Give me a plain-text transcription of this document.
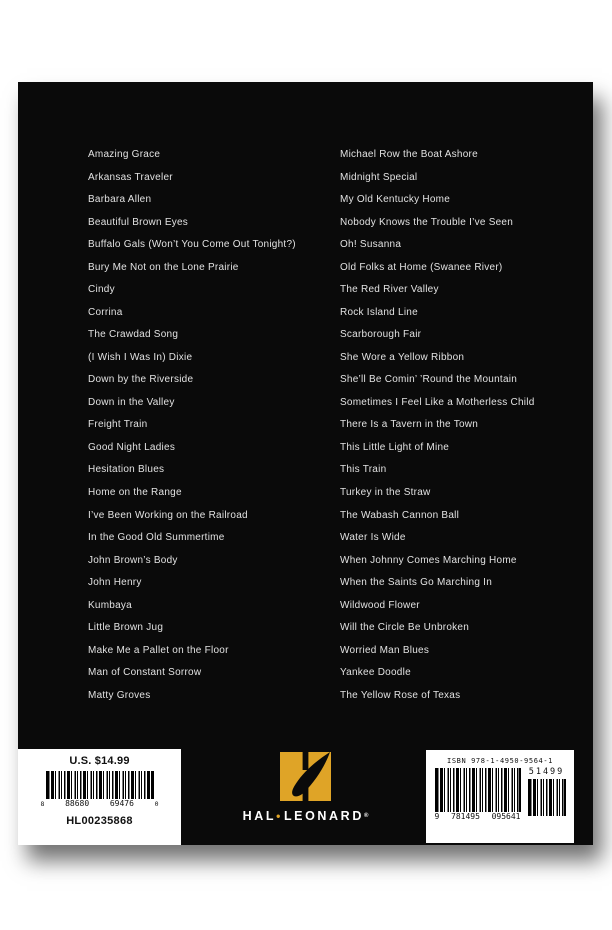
Amazing Grace
Arkansas Traveler
Barbara Allen
Beautiful Brown Eyes
Buffalo Gals (Won’t You Come Out Tonight?)
Bury Me Not on the Lone Prairie
Cindy
Corrina
The Crawdad Song
(I Wish I Was In) Dixie
Down by the Riverside
Down in the Valley
Freight Train
Good Night Ladies
Hesitation Blues
Home on the Range
I’ve Been Working on the Railroad
In the Good Old Summertime
John Brown’s Body
John Henry
Kumbaya
Little Brown Jug
Make Me a Pallet on the Floor
Man of Constant Sorrow
Matty Groves
Michael Row the Boat Ashore
Midnight Special
My Old Kentucky Home
Nobody Knows the Trouble I’ve Seen
Oh! Susanna
Old Folks at Home (Swanee River)
The Red River Valley
Rock Island Line
Scarborough Fair
She Wore a Yellow Ribbon
She’ll Be Comin’ ’Round the Mountain
Sometimes I Feel Like a Motherless Child
There Is a Tavern in the Town
This Little Light of Mine
This Train
Turkey in the Straw
The Wabash Cannon Ball
Water Is Wide
When Johnny Comes Marching Home
When the Saints Go Marching In
Wildwood Flower
Will the Circle Be Unbroken
Worried Man Blues
Yankee Doodle
The Yellow Rose of Texas
U.S. $14.99
8	88680	69476	0
HL00235868	HAL • LEONARD ®
ISBN 978-1-4950-9564-1
9 781495 095641
51499
